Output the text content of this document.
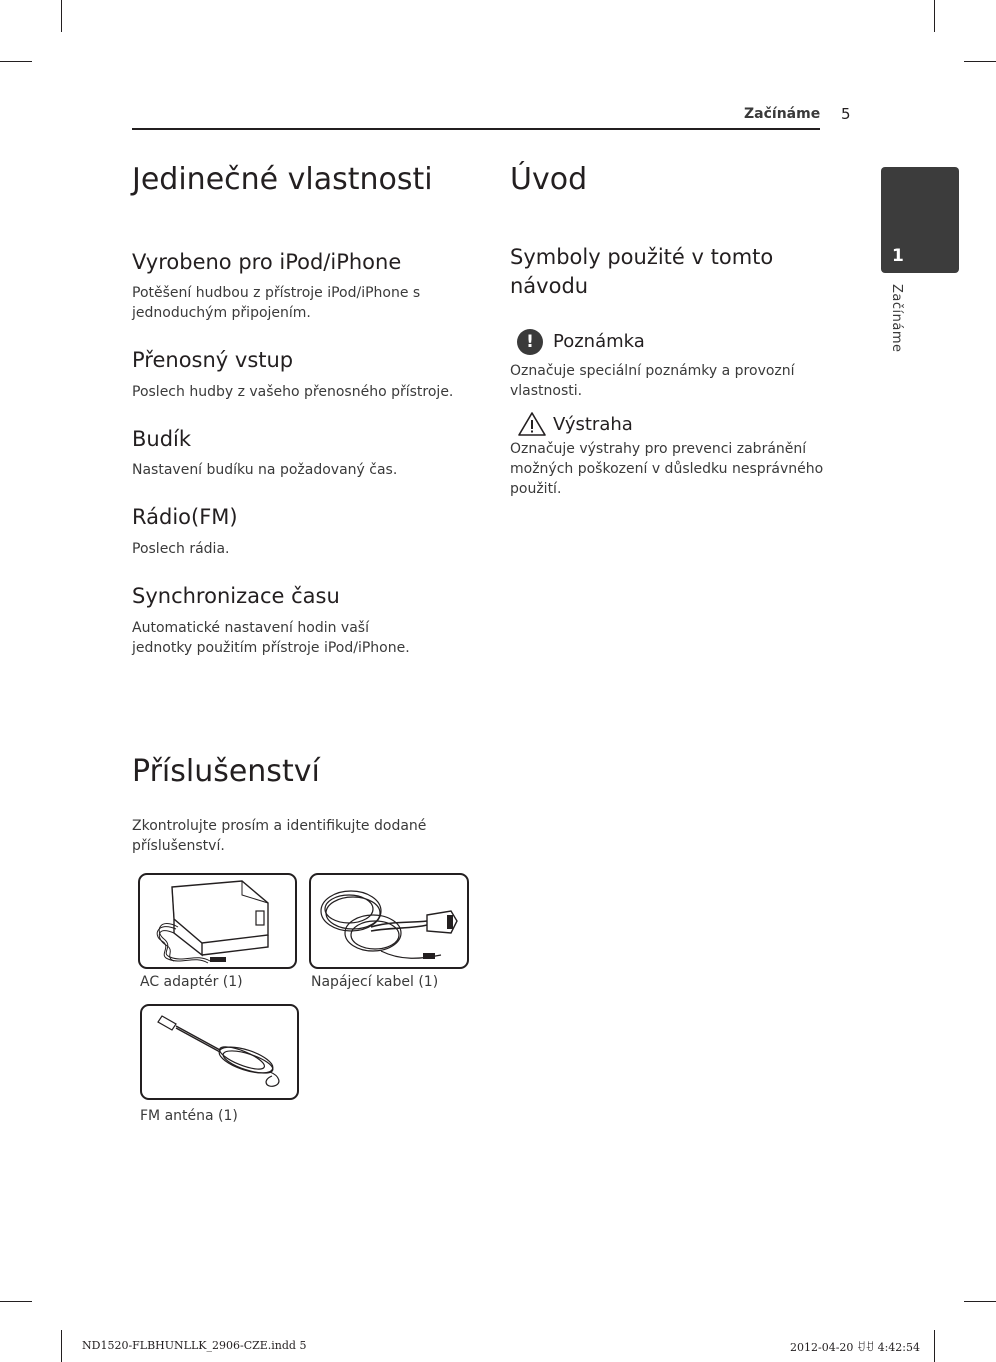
Začínáme 5
1
Začínáme
Jedinečné vlastnosti
Vyrobeno pro iPod/iPhone

Potěšení hudbou z přístroje iPod/iPhone s jednoduchým připojením.

Přenosný vstup

Poslech hudby z vašeho přenosného přístroje.

Budík

Nastavení budíku na požadovaný čas.

Rádio(FM)

Poslech rádia.

Synchronizace času

Automatické nastavení hodin vaší jednotky použitím přístroje iPod/iPhone.

Úvod
Symboly použité v tomto návodu
!	Poznámka

Označuje speciální poznámky a provozní vlastnosti.

Výstraha

Označuje výstrahy pro prevenci zabránění možných poškození v důsledku nesprávného použití.

Příslušenství

Zkontrolujte prosím a identifikujte dodané příslušenství.

AC adaptér (1)	Napájecí kabel (1)
FM anténa (1)
ND1520-FLBHUNLLK_2906-CZE.indd 5	2012-04-20 ꀀꀀ 4:42:54
